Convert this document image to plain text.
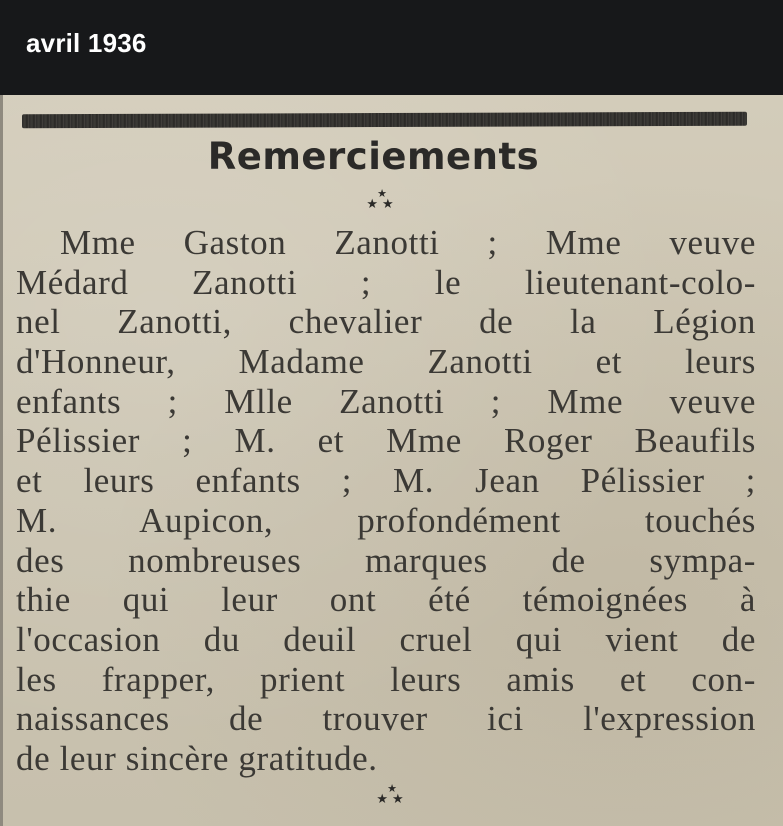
avril 1936
Remerciements
★
★★
Mme Gaston Zanotti ; Mme veuve
Médard Zanotti ; le lieutenant-colo-
nel Zanotti, chevalier de la Légion
d'Honneur, Madame Zanotti et leurs
enfants ; Mlle Zanotti ; Mme veuve
Pélissier ; M. et Mme Roger Beaufils
et leurs enfants ; M. Jean Pélissier ;
M. Aupicon, profondément touchés
des nombreuses marques de sympa-
thie qui leur ont été témoignées à
l'occasion du deuil cruel qui vient de
les frapper, prient leurs amis et con-
naissances de trouver ici l'expression
de leur sincère gratitude.
★
★★
